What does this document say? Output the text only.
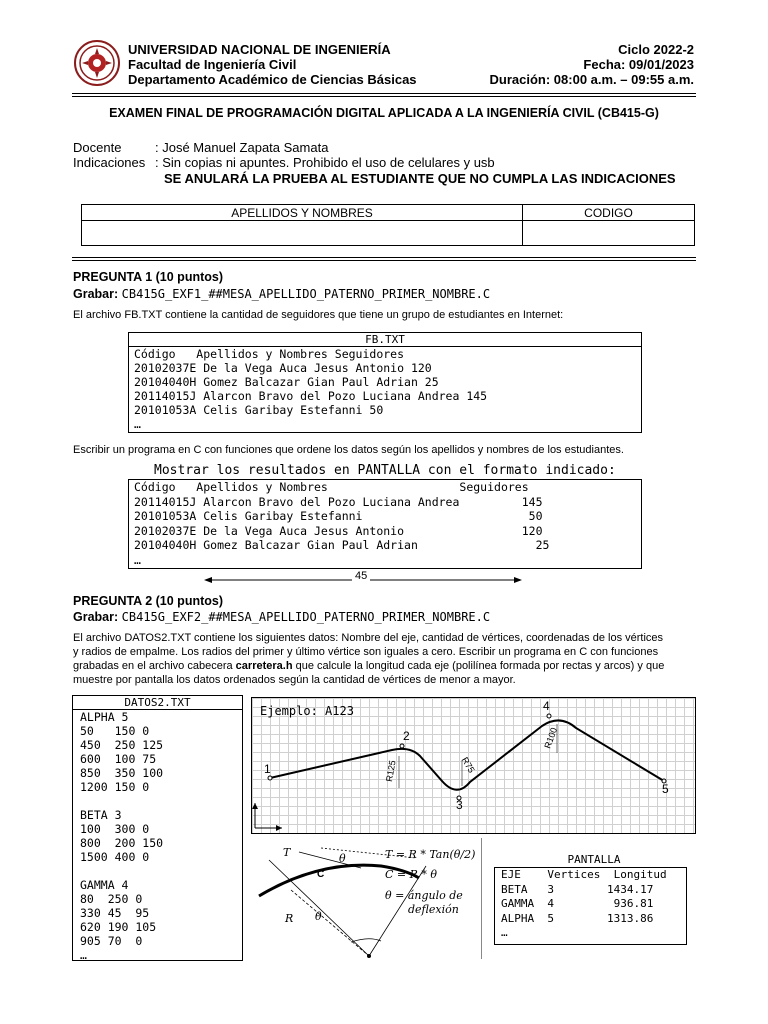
UNIVERSIDAD NACIONAL DE INGENIERÍA
Facultad de Ingeniería Civil
Departamento Académico de Ciencias Básicas
Ciclo 2022-2
Fecha: 09/01/2023
Duración: 08:00 a.m. – 09:55 a.m.
EXAMEN FINAL DE PROGRAMACIÓN DIGITAL APLICADA A LA INGENIERÍA CIVIL (CB415-G)
Docente	: José Manuel Zapata Samata
Indicaciones : Sin copias ni apuntes. Prohibido el uso de celulares y usb
SE ANULARÁ LA PRUEBA AL ESTUDIANTE QUE NO CUMPLA LAS INDICACIONES
APELLIDOS Y NOMBRES	CODIGO
PREGUNTA 1 (10 puntos)
Grabar: CB415G_EXF1_##MESA_APELLIDO_PATERNO_PRIMER_NOMBRE.C
El archivo FB.TXT contiene la cantidad de seguidores que tiene un grupo de estudiantes en Internet:
FB.TXT
Código   Apellidos y Nombres Seguidores
20102037E De la Vega Auca Jesus Antonio 120
20104040H Gomez Balcazar Gian Paul Adrian 25
20114015J Alarcon Bravo del Pozo Luciana Andrea 145
20101053A Celis Garibay Estefanni 50
…
Escribir un programa en C con funciones que ordene los datos según los apellidos y nombres de los estudiantes.
Mostrar los resultados en PANTALLA con el formato indicado:
Código   Apellidos y Nombres                   Seguidores
20114015J Alarcon Bravo del Pozo Luciana Andrea         145
20101053A Celis Garibay Estefanni                        50
20102037E De la Vega Auca Jesus Antonio                 120
20104040H Gomez Balcazar Gian Paul Adrian                 25
…
45
PREGUNTA 2 (10 puntos)
Grabar: CB415G_EXF2_##MESA_APELLIDO_PATERNO_PRIMER_NOMBRE.C
El archivo DATOS2.TXT contiene los siguientes datos: Nombre del eje, cantidad de vértices, coordenadas de los vértices
y radios de empalme. Los radios del primer y último vértice son iguales a cero. Escribir un programa en C con funciones
grabadas en el archivo cabecera carretera.h que calcule la longitud cada eje (polilínea formada por rectas y arcos) y que
muestre por pantalla los datos ordenados según la cantidad de vértices de menor a mayor.
DATOS2.TXT
ALPHA 5
50   150 0
450  250 125
600  100 75
850  350 100
1200 150 0

BETA 3
100  300 0
800  200 150
1500 400 0

GAMMA 4
80  250 0
330 45  95
620 190 105
905 70  0
…
Ejemplo: A123
1
2
3
4
5
R125	R75
R100
T	θ
C
R θ
T = R * Tan(θ/2)
C = R * θ
θ = ángulo de
deflexión
PANTALLA
EJE    Vertices  Longitud
BETA   3        1434.17
GAMMA  4         936.81
ALPHA  5        1313.86
…
